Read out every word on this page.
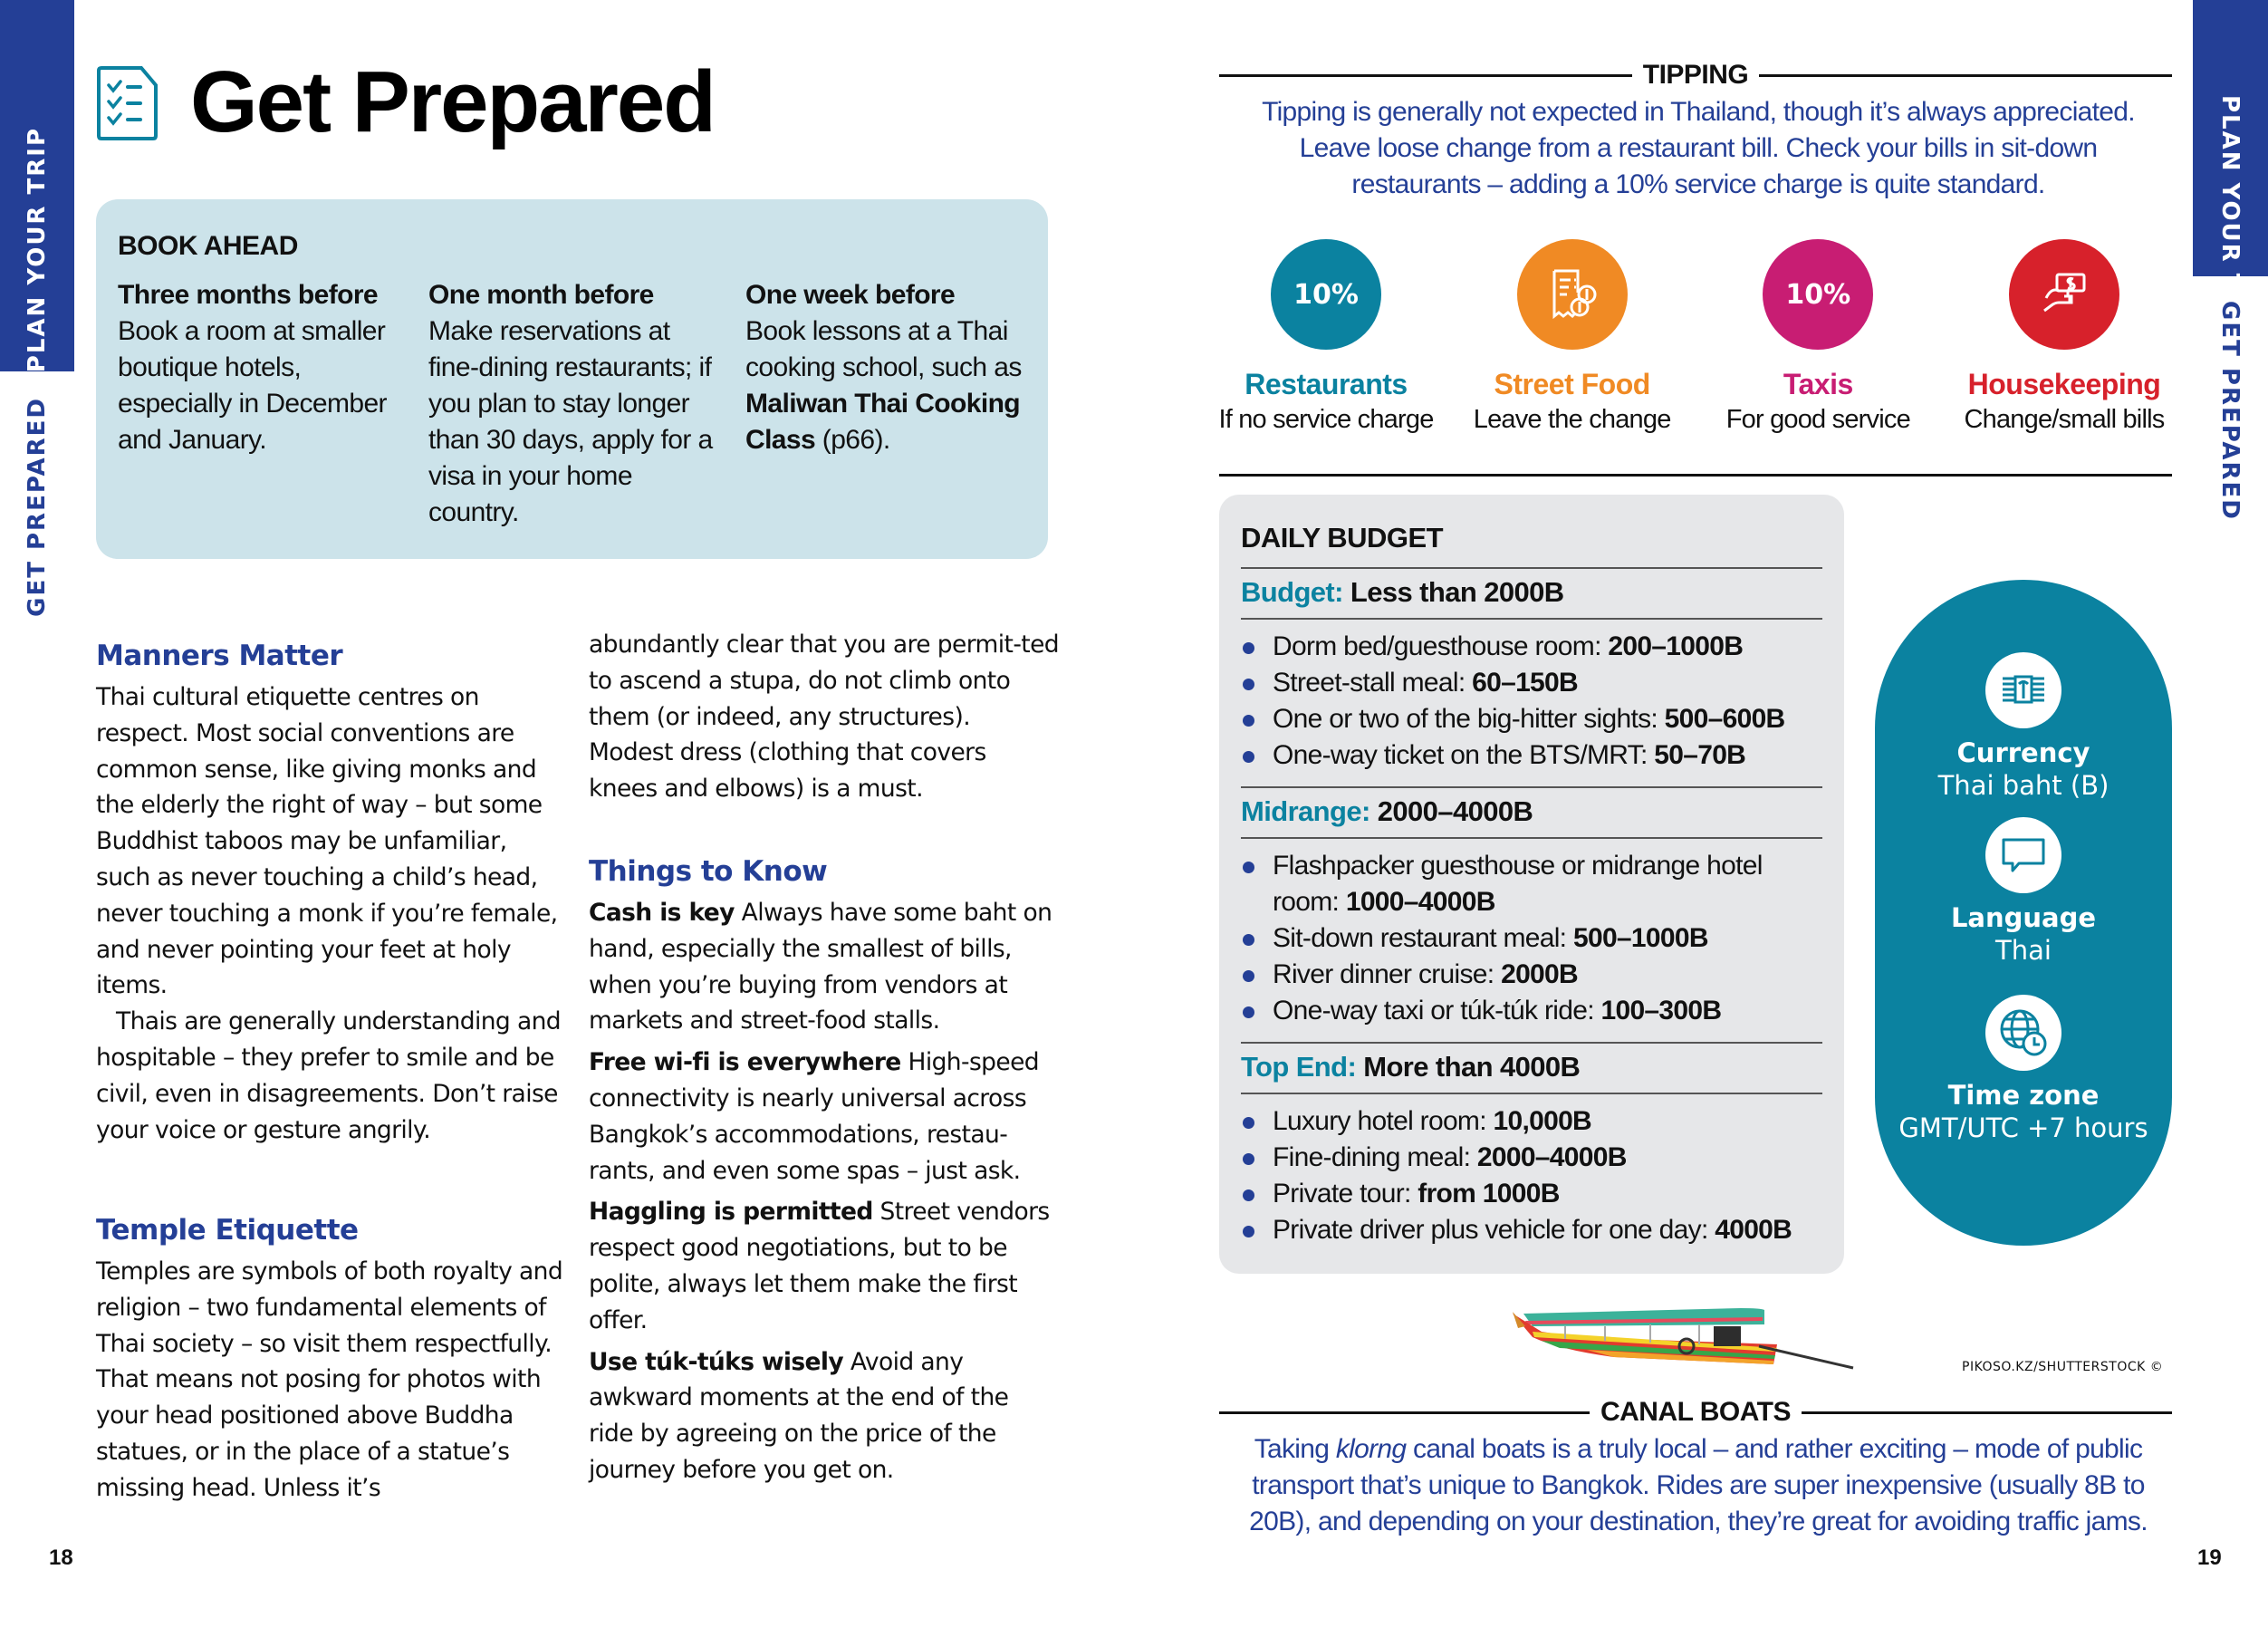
PLAN YOUR TRIP
GET PREPARED
PLAN YOUR TRIP
GET PREPARED
Get Prepared
BOOK AHEAD
Three months before
Book a room at smaller boutique hotels, especially in December and January.
One month before
Make reservations at fine-dining restaurants; if you plan to stay longer than 30 days, apply for a visa in your home country.
One week before
Book lessons at a Thai cooking school, such as Maliwan Thai Cooking Class (p66).
Manners Matter

Thai cultural etiquette centres on respect. Most social conventions are common sense, like giving monks and the elderly the right of way – but some Buddhist taboos may be unfamiliar, such as never touching a child’s head, never touching a monk if you’re female, and never pointing your feet at holy items.

Thais are generally understanding and hospitable – they prefer to smile and be civil, even in disagreements. Don’t raise your voice or gesture angrily.

Temple Etiquette
Temples are symbols of both royalty and religion – two fundamental elements of Thai society – so visit them respectfully. That means not posing for photos with your head positioned above Buddha statues, or in the place of a statue’s missing head. Unless it’s
abundantly clear that you are permit-ted to ascend a stupa, do not climb onto them (or indeed, any structures). Modest dress (clothing that covers knees and elbows) is a must.
Things to Know

Cash is key Always have some baht on hand, especially the smallest of bills, when you’re buying from vendors at markets and street-food stalls.

Free wi-fi is everywhere High-speed connectivity is nearly universal across Bangkok’s accommodations, restau-rants, and even some spas – just ask.

Haggling is permitted Street vendors respect good negotiations, but to be polite, always let them make the first offer.

Use túk-túks wisely Avoid any awkward moments at the end of the ride by agreeing on the price of the journey before you get on.

18
TIPPING
Tipping is generally not expected in Thailand, though it’s always appreciated. Leave loose change from a restaurant bill. Check your bills in sit-down restaurants – adding a 10% service charge is quite standard.
10%
Restaurants
If no service charge
Street Food
Leave the change
10%
Taxis
For good service
Housekeeping
Change/small bills
DAILY BUDGET
Budget: Less than 2000B
Dorm bed/guesthouse room: 200–1000B
Street-stall meal: 60–150B
One or two of the big-hitter sights: 500–600B
One-way ticket on the BTS/MRT: 50–70B
Midrange: 2000–4000B
Flashpacker guesthouse or midrange hotel room: 1000–4000B
Sit-down restaurant meal: 500–1000B
River dinner cruise: 2000B
One-way taxi or túk-túk ride: 100–300B
Top End: More than 4000B
Luxury hotel room: 10,000B
Fine-dining meal: 2000–4000B
Private tour: from 1000B
Private driver plus vehicle for one day: 4000B
Currency
Thai baht (B)
Language
Thai
Time zone
GMT/UTC +7 hours
PIKOSO.KZ/SHUTTERSTOCK ©
CANAL BOATS
Taking klorng canal boats is a truly local – and rather exciting – mode of public transport that’s unique to Bangkok. Rides are super inexpensive (usually 8B to 20B), and depending on your destination, they’re great for avoiding traffic jams.
19
